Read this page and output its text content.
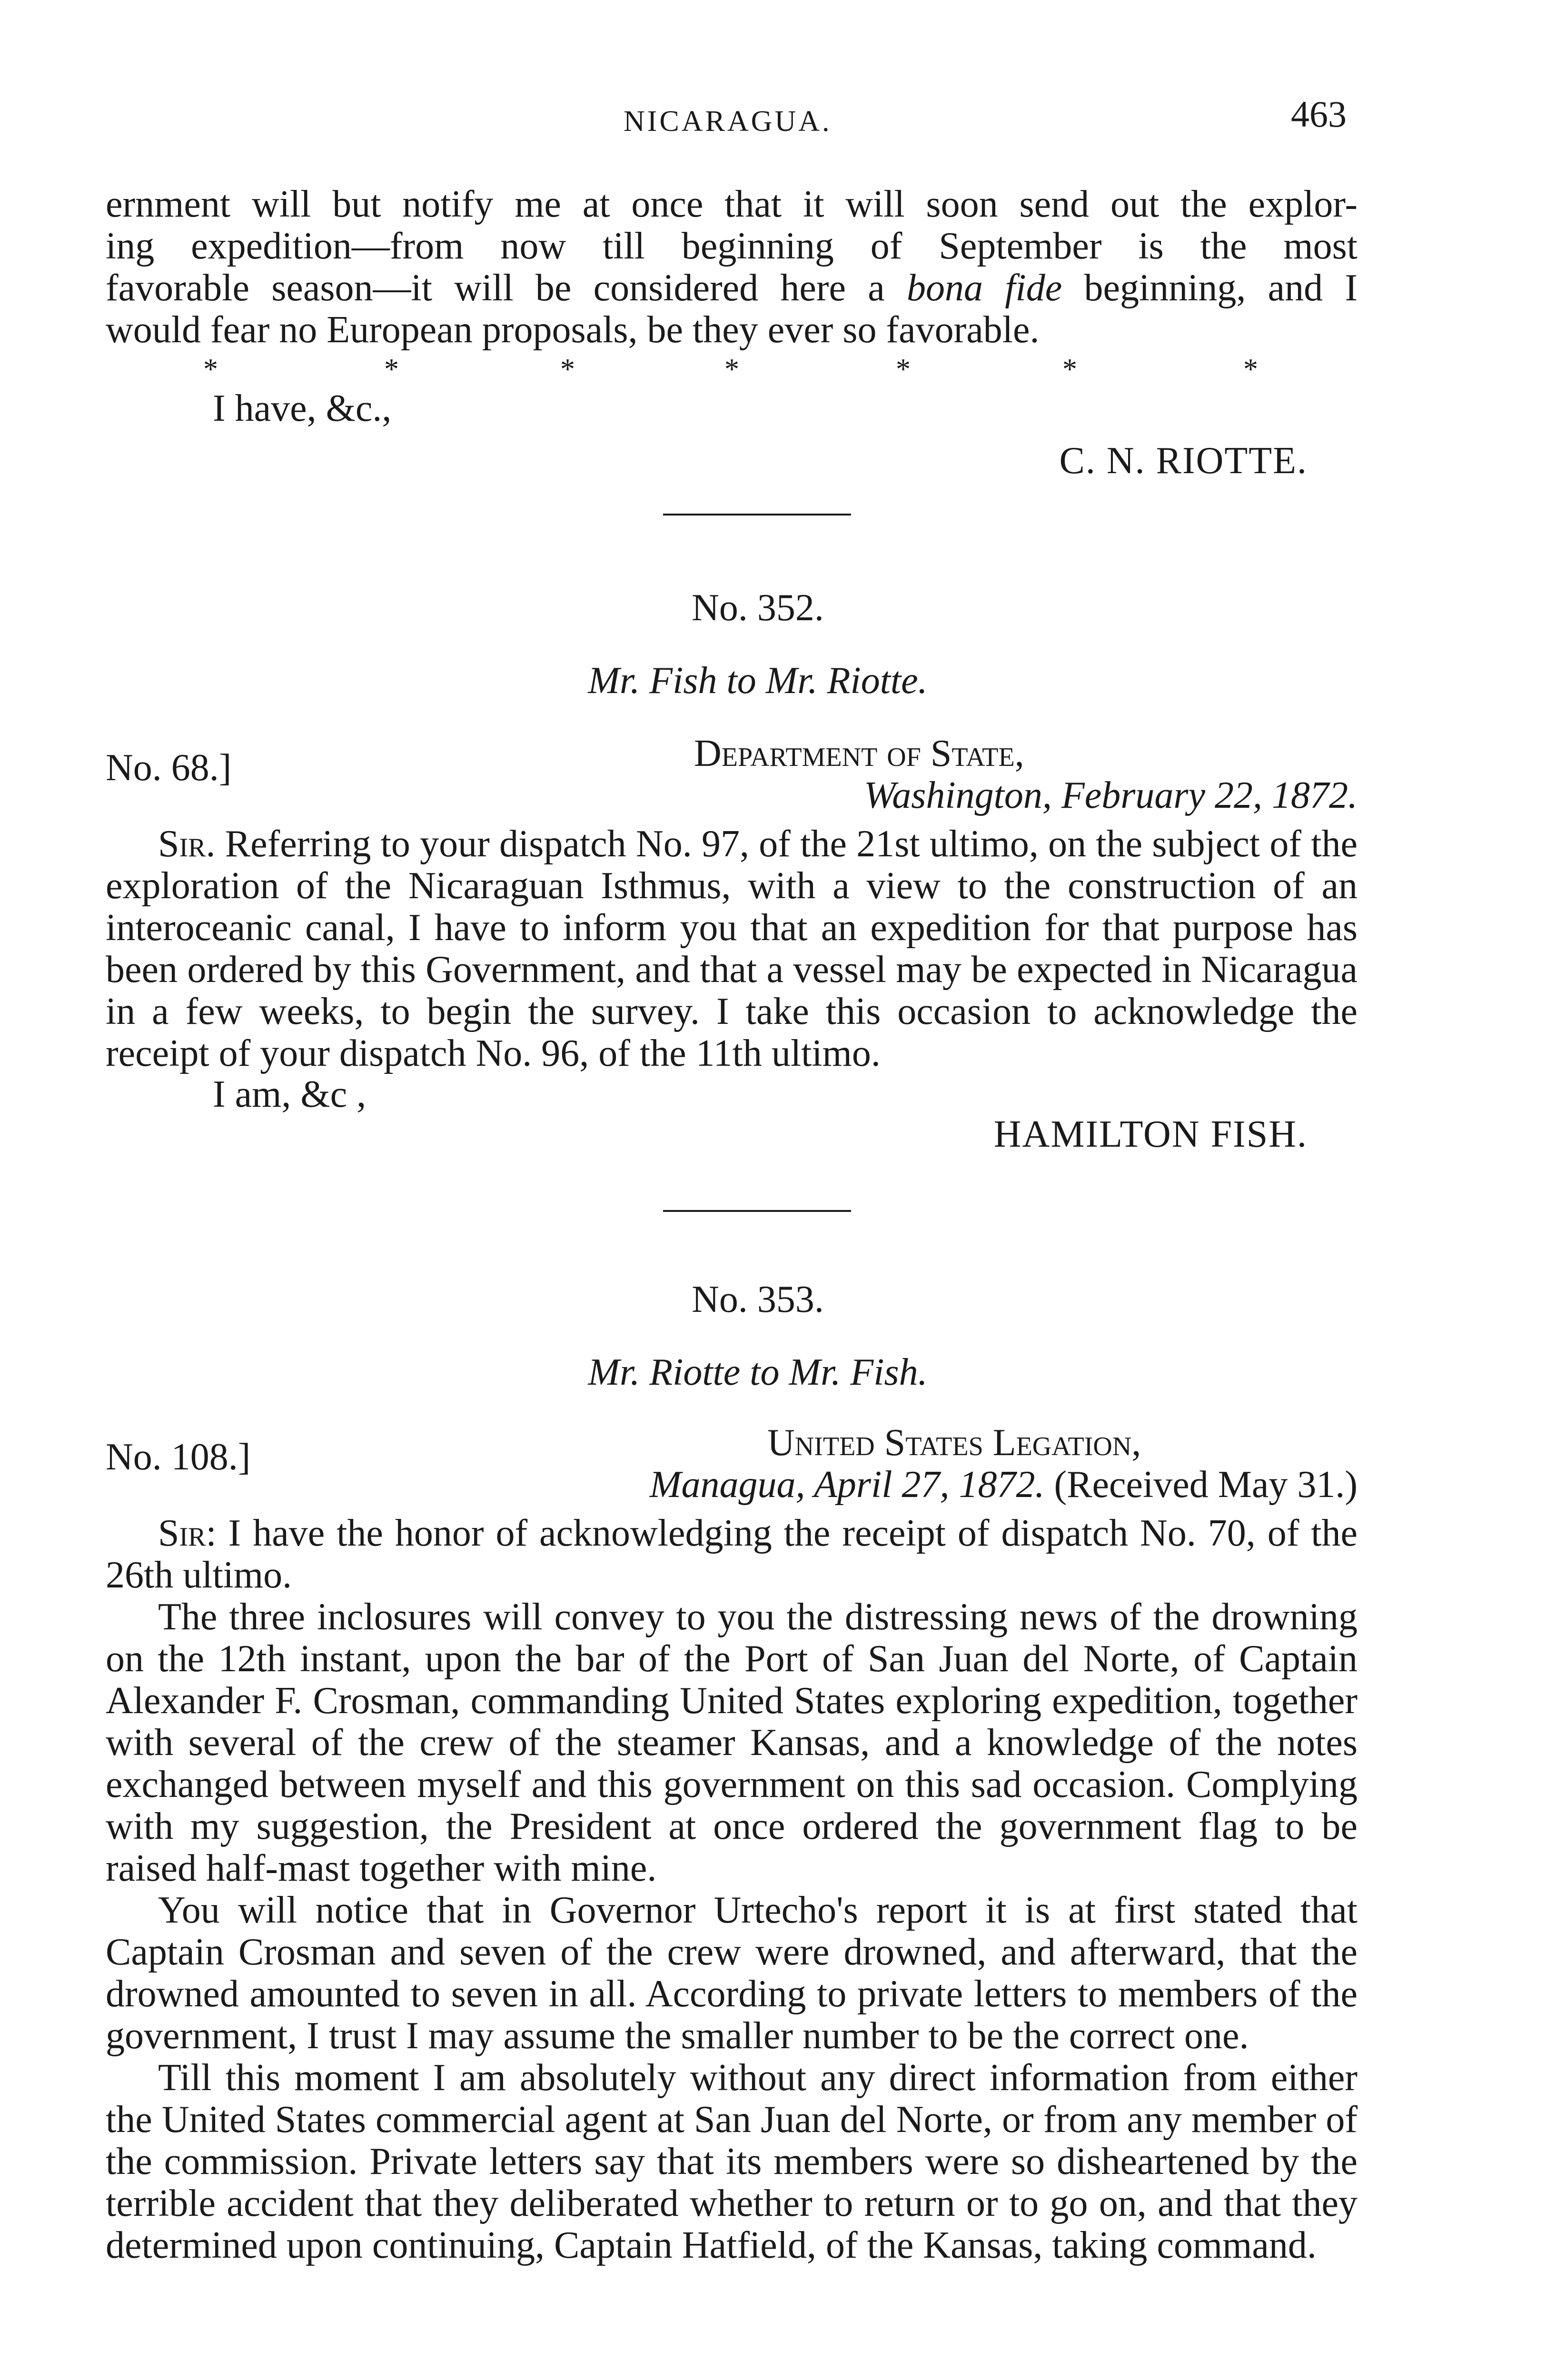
NICARAGUA.	463

ernment will but notify me at once that it will soon send out the explor-

ing expedition—from now till beginning of September is the most

favorable season—it will be considered here a bona fide beginning, and I

would fear no European proposals, be they ever so favorable.

*	*	*	*	*	*	*
I have, &c.,
C. N. RIOTTE.
No. 352.
Mr. Fish to Mr. Riotte.
No. 68.]	Department of State,
Washington, February 22, 1872.

Sir. Referring to your dispatch No. 97, of the 21st ultimo, on the subject of the exploration of the Nicaraguan Isthmus, with a view to the construction of an interoceanic canal, I have to inform you that an expedition for that purpose has been ordered by this Government, and that a vessel may be expected in Nicaragua in a few weeks, to begin the survey. I take this occasion to acknowledge the receipt of your dispatch No. 96, of the 11th ultimo.

I am, &c ,
HAMILTON FISH.
No. 353.
Mr. Riotte to Mr. Fish.
No. 108.]	United States Legation,
Managua, April 27, 1872. (Received May 31.)

Sir: I have the honor of acknowledging the receipt of dispatch No. 70, of the 26th ultimo.

The three inclosures will convey to you the distressing news of the drowning on the 12th instant, upon the bar of the Port of San Juan del Norte, of Captain Alexander F. Crosman, commanding United States exploring expedition, together with several of the crew of the steamer Kansas, and a knowledge of the notes exchanged between myself and this government on this sad occasion. Complying with my suggestion, the President at once ordered the government flag to be raised half-mast together with mine.

You will notice that in Governor Urtecho's report it is at first stated that Captain Crosman and seven of the crew were drowned, and afterward, that the drowned amounted to seven in all. According to private letters to members of the government, I trust I may assume the smaller number to be the correct one.

Till this moment I am absolutely without any direct information from either the United States commercial agent at San Juan del Norte, or from any member of the commission. Private letters say that its members were so disheartened by the terrible accident that they deliberated whether to return or to go on, and that they determined upon continuing, Captain Hatfield, of the Kansas, taking command.
